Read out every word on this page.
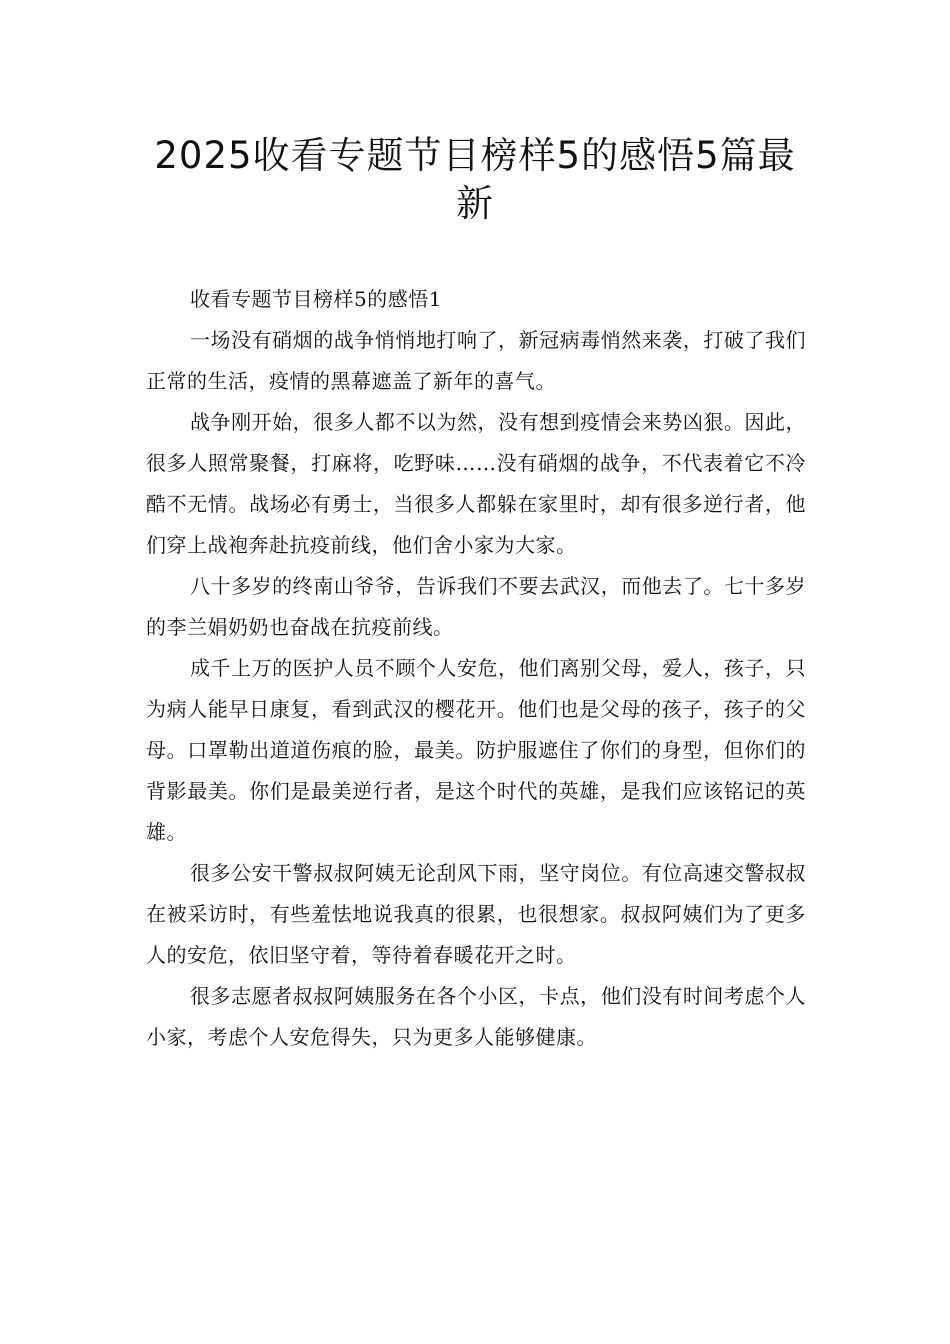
2025收看专题节目榜样5的感悟5篇最新

收看专题节目榜样5的感悟1

一场没有硝烟的战争悄悄地打响了，新冠病毒悄然来袭，打破了我们正常的生活，疫情的黑幕遮盖了新年的喜气。

战争刚开始，很多人都不以为然，没有想到疫情会来势凶狠。因此，很多人照常聚餐，打麻将，吃野味……没有硝烟的战争，不代表着它不冷酷不无情。战场必有勇士，当很多人都躲在家里时，却有很多逆行者，他们穿上战袍奔赴抗疫前线，他们舍小家为大家。

八十多岁的终南山爷爷，告诉我们不要去武汉，而他去了。七十多岁的李兰娟奶奶也奋战在抗疫前线。

成千上万的医护人员不顾个人安危，他们离别父母，爱人，孩子，只为病人能早日康复，看到武汉的樱花开。他们也是父母的孩子，孩子的父母。口罩勒出道道伤痕的脸，最美。防护服遮住了你们的身型，但你们的背影最美。你们是最美逆行者，是这个时代的英雄，是我们应该铭记的英雄。

很多公安干警叔叔阿姨无论刮风下雨，坚守岗位。有位高速交警叔叔在被采访时，有些羞怯地说我真的很累，也很想家。叔叔阿姨们为了更多人的安危，依旧坚守着，等待着春暖花开之时。

很多志愿者叔叔阿姨服务在各个小区，卡点，他们没有时间考虑个人小家，考虑个人安危得失，只为更多人能够健康。
